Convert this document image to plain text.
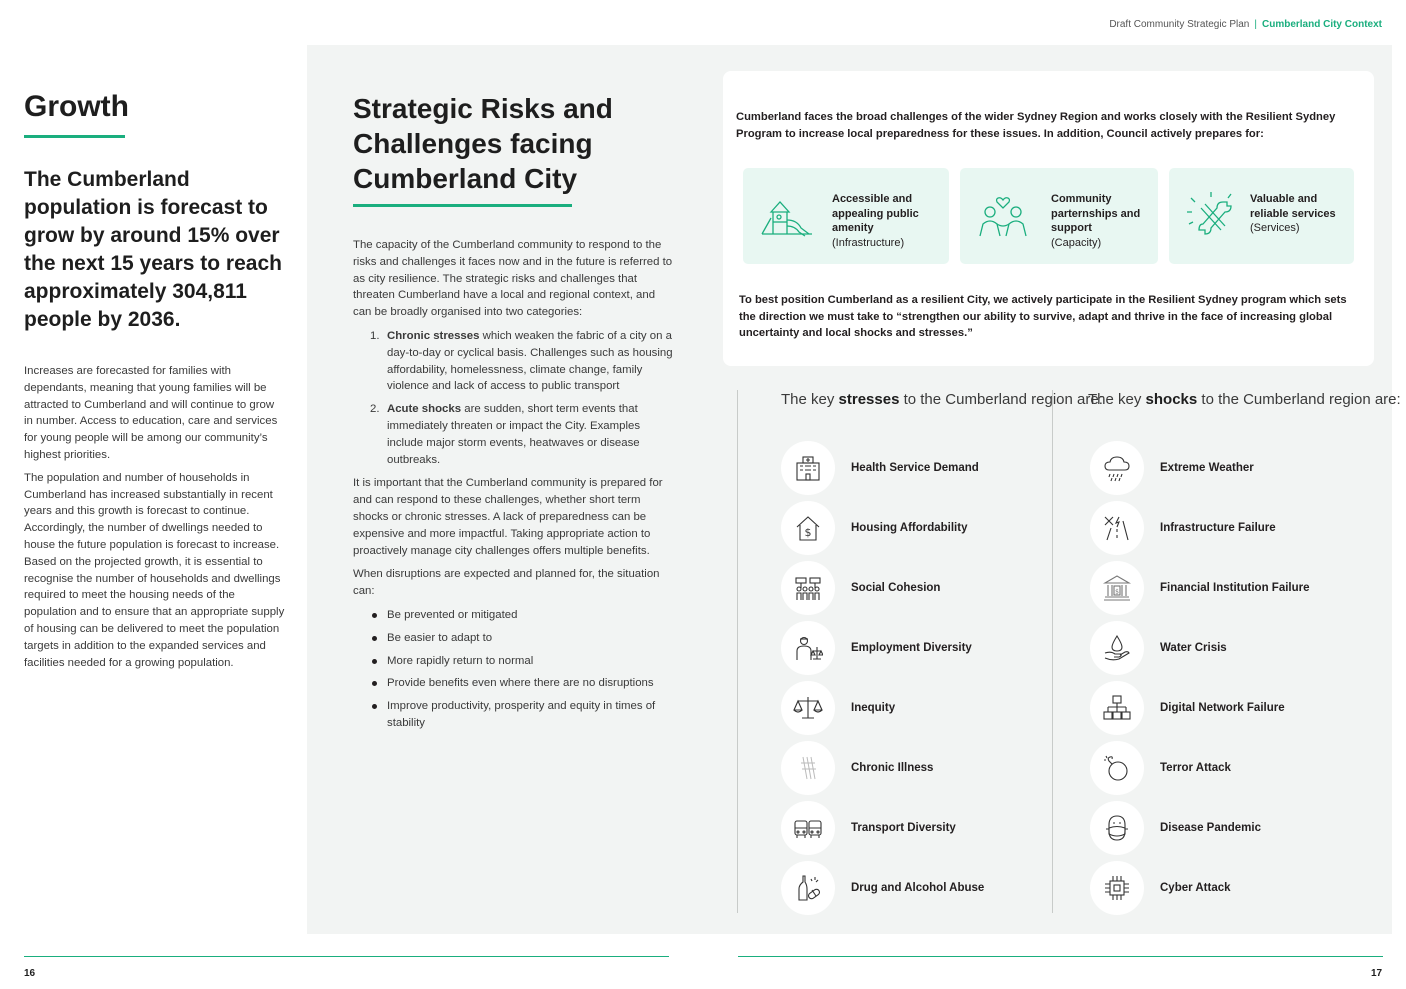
Draft Community Strategic Plan | Cumberland City Context
Growth

The Cumberland population is forecast to grow by around 15% over the next 15 years to reach approximately 304,811 people by 2036.

Increases are forecasted for families with dependants, meaning that young families will be attracted to Cumberland and will continue to grow in number. Access to education, care and services for young people will be among our community’s highest priorities.

The population and number of households in Cumberland has increased substantially in recent years and this growth is forecast to continue. Accordingly, the number of dwellings needed to house the future population is forecast to increase. Based on the projected growth, it is essential to recognise the number of households and dwellings required to meet the housing needs of the population and to ensure that an appropriate supply of housing can be delivered to meet the population targets in addition to the expanded services and facilities needed for a growing population.

Strategic Risks and Challenges facing Cumberland City

The capacity of the Cumberland community to respond to the risks and challenges it faces now and in the future is referred to as city resilience. The strategic risks and challenges that threaten Cumberland have a local and regional context, and can be broadly organised into two categories:

1. Chronic stresses which weaken the fabric of a city on a day-to-day or cyclical basis. Challenges such as housing affordability, homelessness, climate change, family violence and lack of access to public transport
2. Acute shocks are sudden, short term events that immediately threaten or impact the City. Examples include major storm events, heatwaves or disease outbreaks.

It is important that the Cumberland community is prepared for and can respond to these challenges, whether short term shocks or chronic stresses. A lack of preparedness can be expensive and more impactful. Taking appropriate action to proactively manage city challenges offers multiple benefits.

When disruptions are expected and planned for, the situation can:

Be prevented or mitigated
Be easier to adapt to
More rapidly return to normal
Provide benefits even where there are no disruptions
Improve productivity, prosperity and equity in times of stability

Cumberland faces the broad challenges of the wider Sydney Region and works closely with the Resilient Sydney Program to increase local preparedness for these issues. In addition, Council actively prepares for:

Accessible and appealing public amenity
(Infrastructure)
Community parternships and support
(Capacity)
Valuable and reliable services
(Services)

To best position Cumberland as a resilient City, we actively participate in the Resilient Sydney program which sets the direction we must take to “strengthen our ability to survive, adapt and thrive in the face of increasing global uncertainty and local shocks and stresses.”

The key stresses to the Cumberland region are:
Health Service Demand
$	Housing Affordability
Social Cohesion
Employment Diversity
Inequity
Chronic Illness
Transport Diversity
Drug and Alcohol Abuse
The key shocks to the Cumberland region are:
Extreme Weather
Infrastructure Failure
$	Financial Institution Failure
Water Crisis
Digital Network Failure
Terror Attack
Disease Pandemic
Cyber Attack
16	17
